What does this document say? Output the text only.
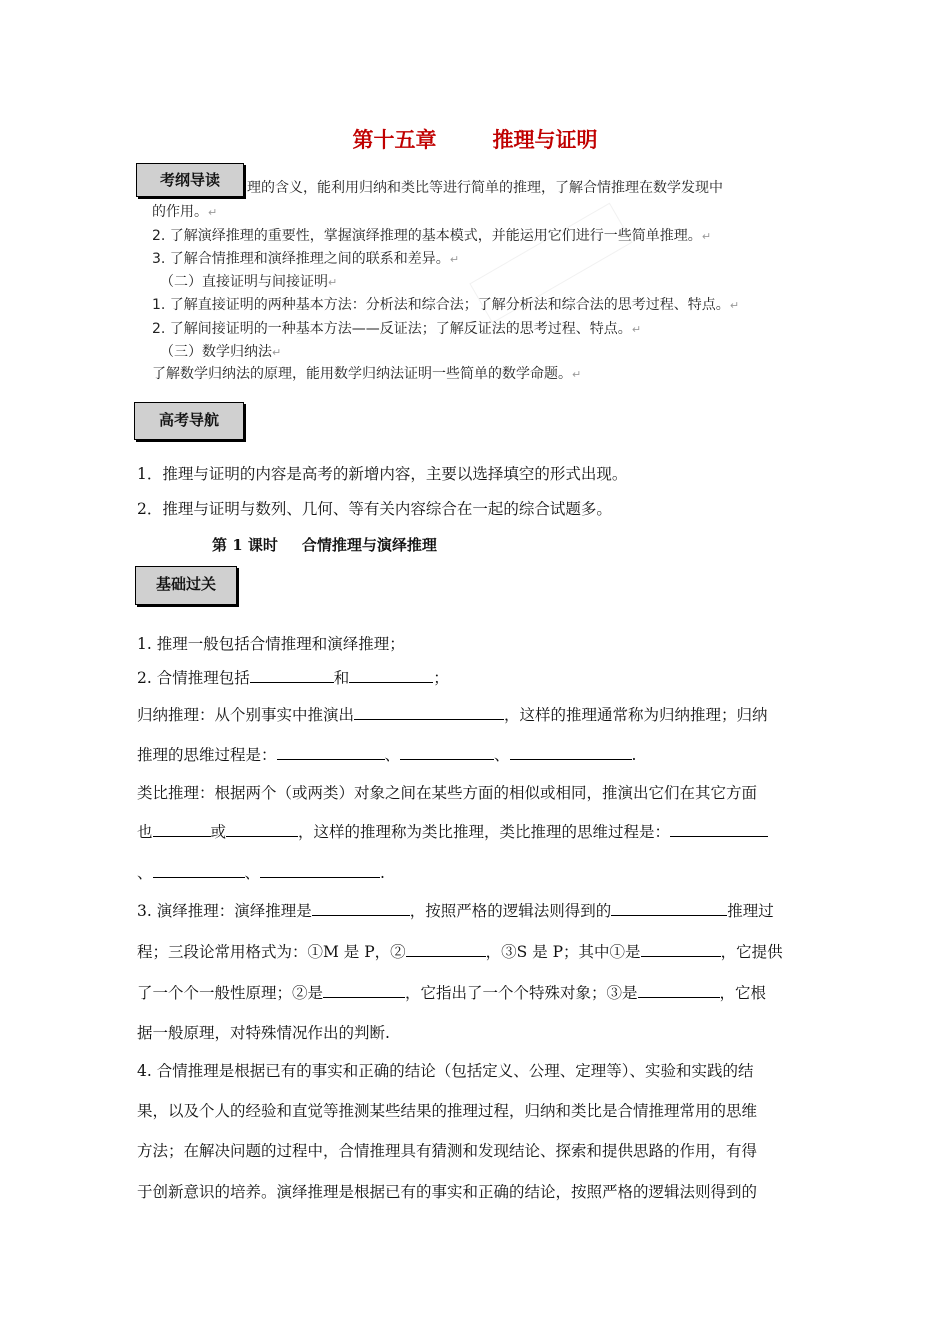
第十五章	推理与证明
考纲导读	理的含义，能利用归纳和类比等进行简单的推理，了解合情推理在数学发现中
的作用。↵
2. 了解演绎推理的重要性，掌握演绎推理的基本模式，并能运用它们进行一些简单推理。↵
3. 了解合情推理和演绎推理之间的联系和差异。↵
（二）直接证明与间接证明↵
1. 了解直接证明的两种基本方法：分析法和综合法；了解分析法和综合法的思考过程、特点。↵
2. 了解间接证明的一种基本方法——反证法；了解反证法的思考过程、特点。↵
（三）数学归纳法↵
了解数学归纳法的原理，能用数学归纳法证明一些简单的数学命题。↵
高考导航
1．推理与证明的内容是高考的新增内容，主要以选择填空的形式出现。
2．推理与证明与数列、几何、等有关内容综合在一起的综合试题多。
第 1 课时 合情推理与演绎推理
基础过关
1. 推理一般包括合情推理和演绎推理；
2. 合情推理包括	和	；
归纳推理：从个别事实中推演出	，这样的推理通常称为归纳推理；归纳
推理的思维过程是：	、	、	.
类比推理：根据两个（或两类）对象之间在某些方面的相似或相同，推演出它们在其它方面
也	或	，这样的推理称为类比推理，类比推理的思维过程是：
、	、	.
3. 演绎推理：演绎推理是	，按照严格的逻辑法则得到的	推理过
程；三段论常用格式为：①M 是 P，②	，③S 是 P；其中①是	，它提供
了一个个一般性原理；②是	，它指出了一个个特殊对象；③是	，它根
据一般原理，对特殊情况作出的判断.
4. 合情推理是根据已有的事实和正确的结论（包括定义、公理、定理等）、实验和实践的结
果，以及个人的经验和直觉等推测某些结果的推理过程，归纳和类比是合情推理常用的思维
方法；在解决问题的过程中，合情推理具有猜测和发现结论、探索和提供思路的作用，有得
于创新意识的培养。演绎推理是根据已有的事实和正确的结论，按照严格的逻辑法则得到的
